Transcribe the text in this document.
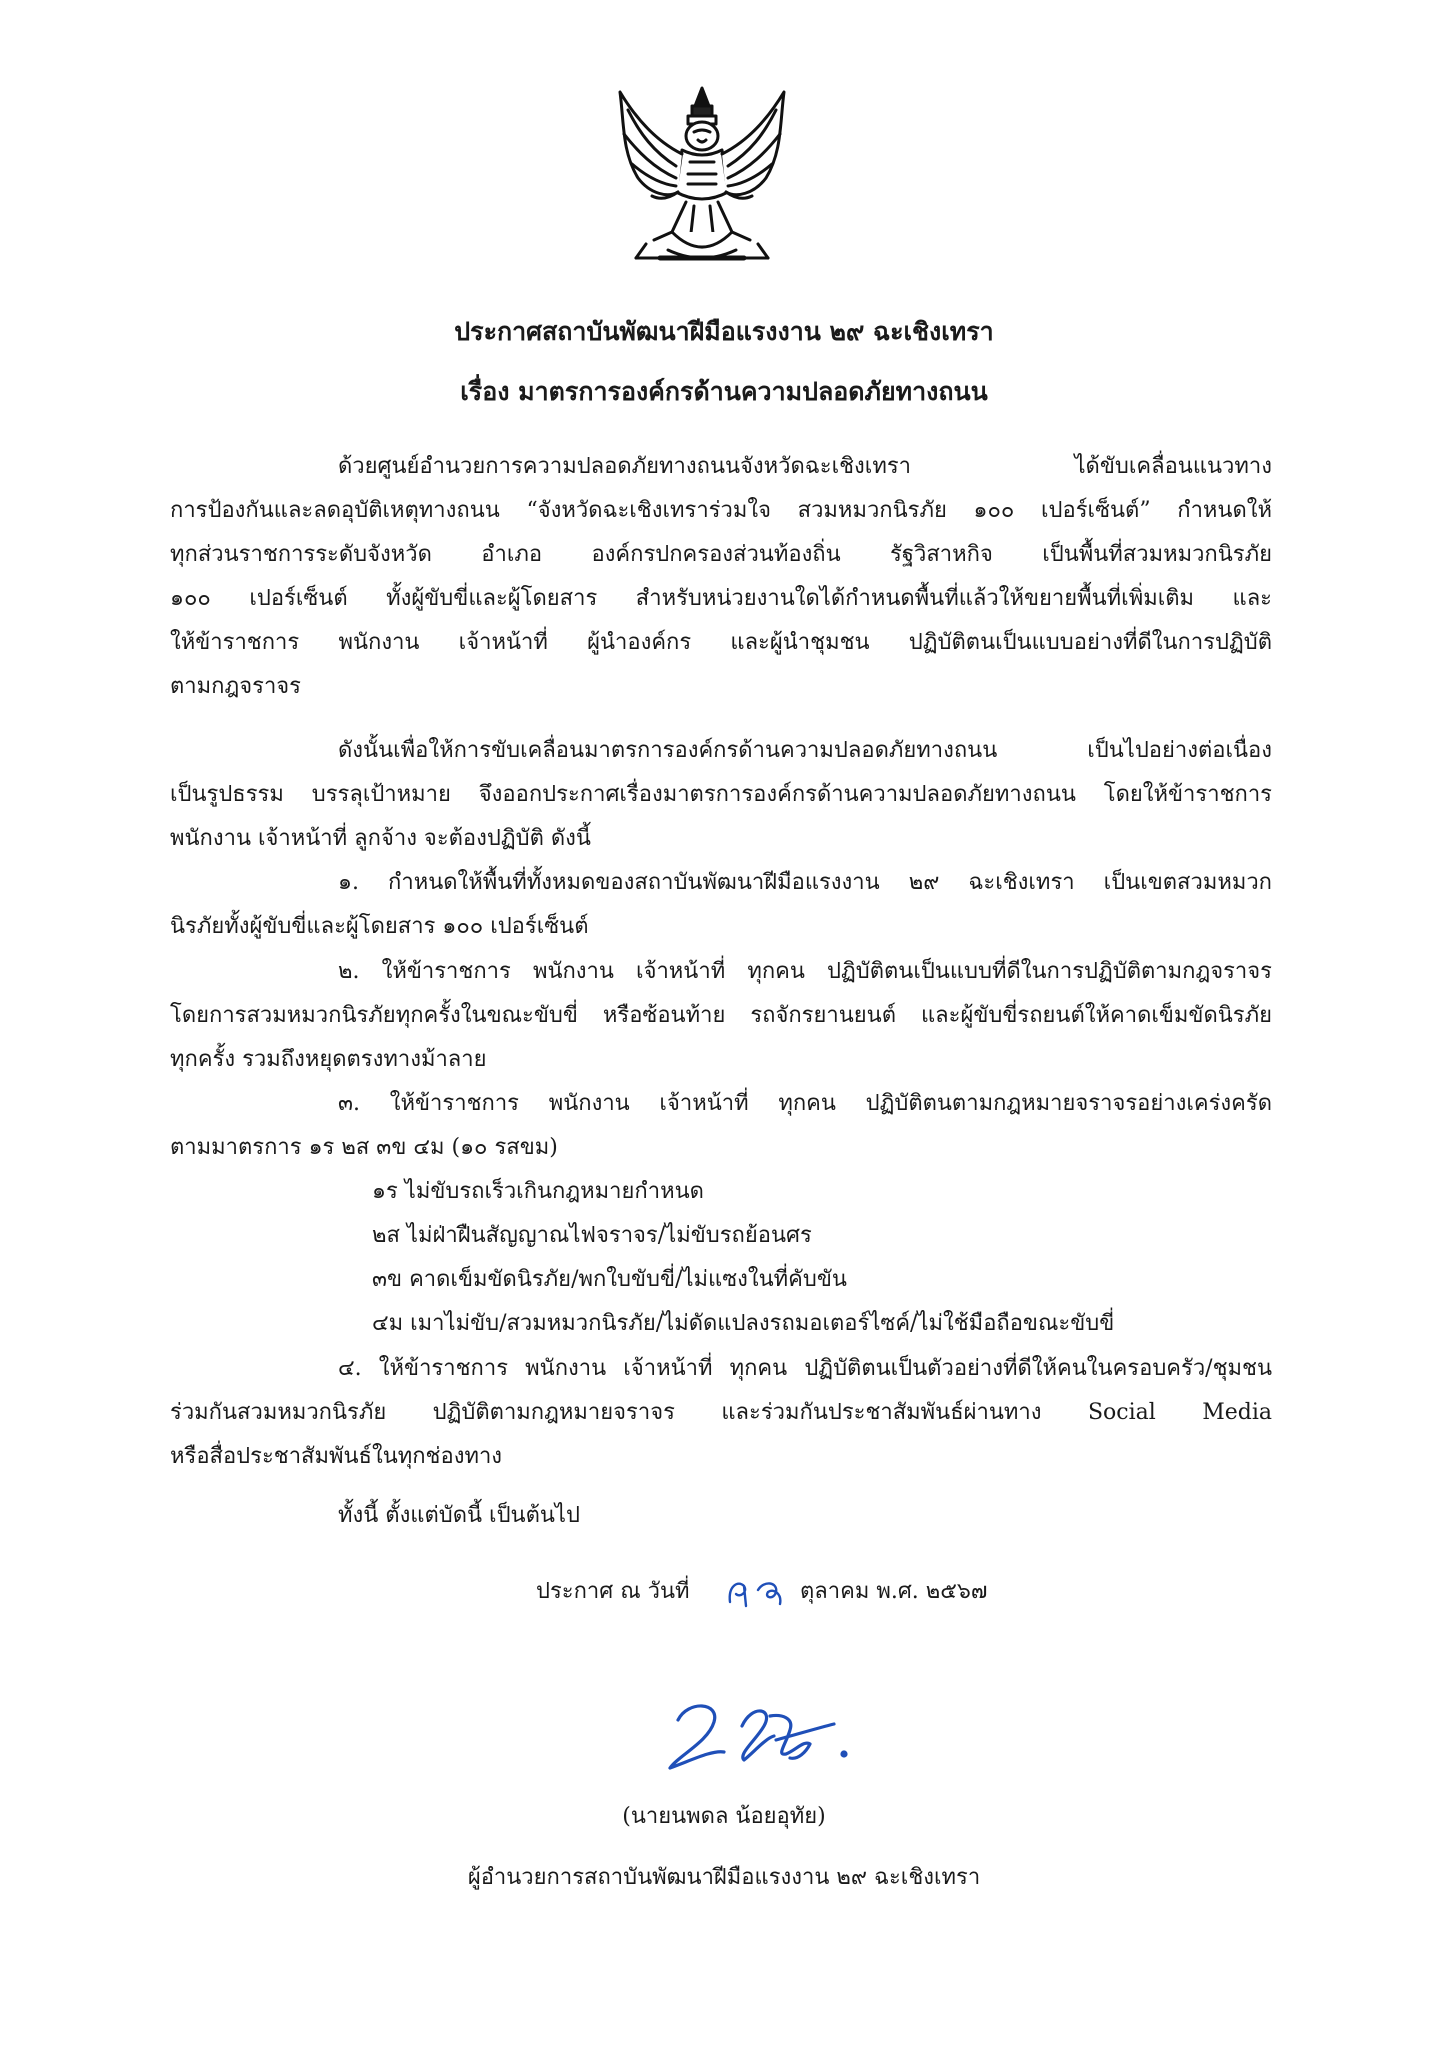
ประกาศสถาบันพัฒนาฝีมือแรงงาน ๒๙ ฉะเชิงเทรา
เรื่อง มาตรการองค์กรด้านความปลอดภัยทางถนน
ด้วยศูนย์อำนวยการความปลอดภัยทางถนนจังหวัดฉะเชิงเทรา ได้ขับเคลื่อนแนวทาง
การป้องกันและลดอุบัติเหตุทางถนน “จังหวัดฉะเชิงเทราร่วมใจ สวมหมวกนิรภัย ๑๐๐ เปอร์เซ็นต์” กำหนดให้
ทุกส่วนราชการระดับจังหวัด อำเภอ องค์กรปกครองส่วนท้องถิ่น รัฐวิสาหกิจ เป็นพื้นที่สวมหมวกนิรภัย
๑๐๐ เปอร์เซ็นต์ ทั้งผู้ขับขี่และผู้โดยสาร สำหรับหน่วยงานใดได้กำหนดพื้นที่แล้วให้ขยายพื้นที่เพิ่มเติม และ
ให้ข้าราชการ พนักงาน เจ้าหน้าที่ ผู้นำองค์กร และผู้นำชุมชน ปฏิบัติตนเป็นแบบอย่างที่ดีในการปฏิบัติ
ตามกฎจราจร
ดังนั้นเพื่อให้การขับเคลื่อนมาตรการองค์กรด้านความปลอดภัยทางถนน เป็นไปอย่างต่อเนื่อง
เป็นรูปธรรม บรรลุเป้าหมาย จึงออกประกาศเรื่องมาตรการองค์กรด้านความปลอดภัยทางถนน โดยให้ข้าราชการ
พนักงาน เจ้าหน้าที่ ลูกจ้าง จะต้องปฏิบัติ ดังนี้
๑. กำหนดให้พื้นที่ทั้งหมดของสถาบันพัฒนาฝีมือแรงงาน ๒๙ ฉะเชิงเทรา เป็นเขตสวมหมวก
นิรภัยทั้งผู้ขับขี่และผู้โดยสาร ๑๐๐ เปอร์เซ็นต์
๒. ให้ข้าราชการ พนักงาน เจ้าหน้าที่ ทุกคน ปฏิบัติตนเป็นแบบที่ดีในการปฏิบัติตามกฎจราจร
โดยการสวมหมวกนิรภัยทุกครั้งในขณะขับขี่ หรือซ้อนท้าย รถจักรยานยนต์ และผู้ขับขี่รถยนต์ให้คาดเข็มขัดนิรภัย
ทุกครั้ง รวมถึงหยุดตรงทางม้าลาย
๓. ให้ข้าราชการ พนักงาน เจ้าหน้าที่ ทุกคน ปฏิบัติตนตามกฎหมายจราจรอย่างเคร่งครัด
ตามมาตรการ ๑ร ๒ส ๓ข ๔ม (๑๐ รสขม)
๑ร ไม่ขับรถเร็วเกินกฎหมายกำหนด
๒ส ไม่ฝ่าฝืนสัญญาณไฟจราจร/ไม่ขับรถย้อนศร
๓ข คาดเข็มขัดนิรภัย/พกใบขับขี่/ไม่แซงในที่คับขัน
๔ม เมาไม่ขับ/สวมหมวกนิรภัย/ไม่ดัดแปลงรถมอเตอร์ไซค์/ไม่ใช้มือถือขณะขับขี่
๔. ให้ข้าราชการ พนักงาน เจ้าหน้าที่ ทุกคน ปฏิบัติตนเป็นตัวอย่างที่ดีให้คนในครอบครัว/ชุมชน
ร่วมกันสวมหมวกนิรภัย ปฏิบัติตามกฎหมายจราจร และร่วมกันประชาสัมพันธ์ผ่านทาง Social Media
หรือสื่อประชาสัมพันธ์ในทุกช่องทาง
ทั้งนี้ ตั้งแต่บัดนี้ เป็นต้นไป
ประกาศ ณ วันที่	ตุลาคม พ.ศ. ๒๕๖๗
(นายนพดล น้อยอุทัย)
ผู้อำนวยการสถาบันพัฒนาฝีมือแรงงาน ๒๙ ฉะเชิงเทรา
